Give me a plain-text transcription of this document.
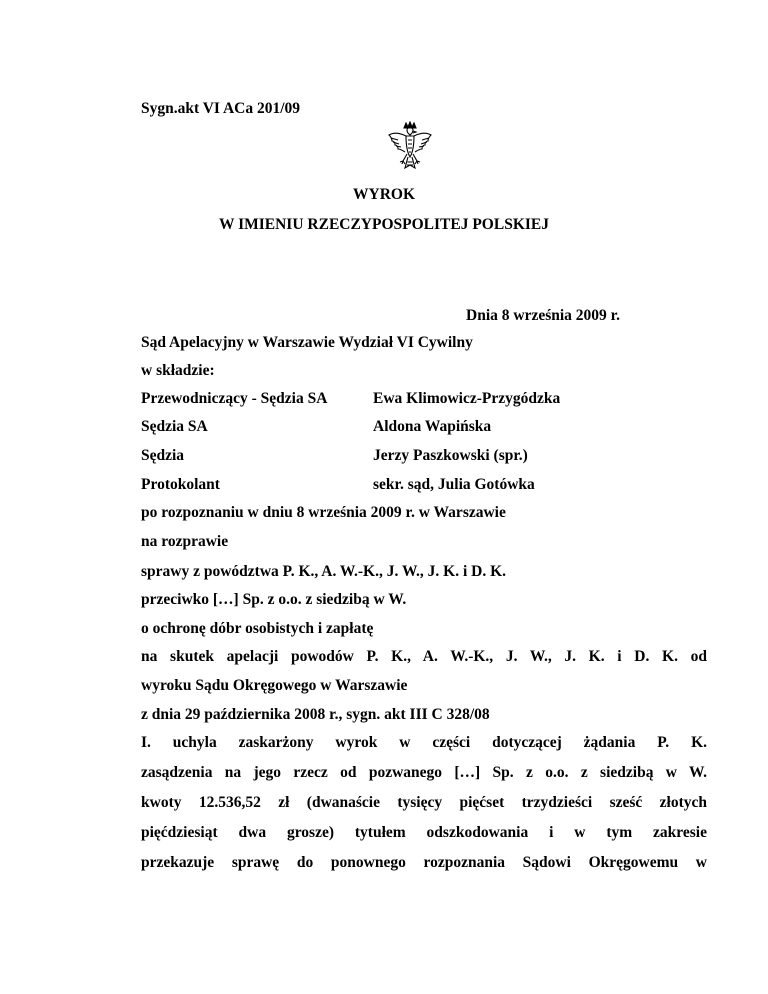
Sygn.akt VI ACa 201/09
WYROK
W IMIENIU RZECZYPOSPOLITEJ POLSKIEJ
Dnia 8 września 2009 r.
Sąd Apelacyjny w Warszawie Wydział VI Cywilny
w składzie:
Przewodniczący - Sędzia SA	Ewa Klimowicz-Przygódzka
Sędzia SA	Aldona Wapińska
Sędzia	Jerzy Paszkowski (spr.)
Protokolant	sekr. sąd, Julia Gotówka
po rozpoznaniu w dniu 8 września 2009 r. w Warszawie
na rozprawie
sprawy z powództwa P. K., A. W.-K., J. W., J. K. i D. K.
przeciwko […] Sp. z o.o. z siedzibą w W.
o ochronę dóbr osobistych i zapłatę
na skutek apelacji powodów P. K., A. W.-K., J. W., J. K. i D. K. od
wyroku Sądu Okręgowego w Warszawie
z dnia 29 października 2008 r., sygn. akt III C 328/08
I. uchyla zaskarżony wyrok w części dotyczącej żądania P. K.
zasądzenia na jego rzecz od pozwanego […] Sp. z o.o. z siedzibą w W.
kwoty 12.536,52 zł (dwanaście tysięcy pięćset trzydzieści sześć złotych
pięćdziesiąt dwa grosze) tytułem odszkodowania i w tym zakresie
przekazuje sprawę do ponownego rozpoznania Sądowi Okręgowemu w
